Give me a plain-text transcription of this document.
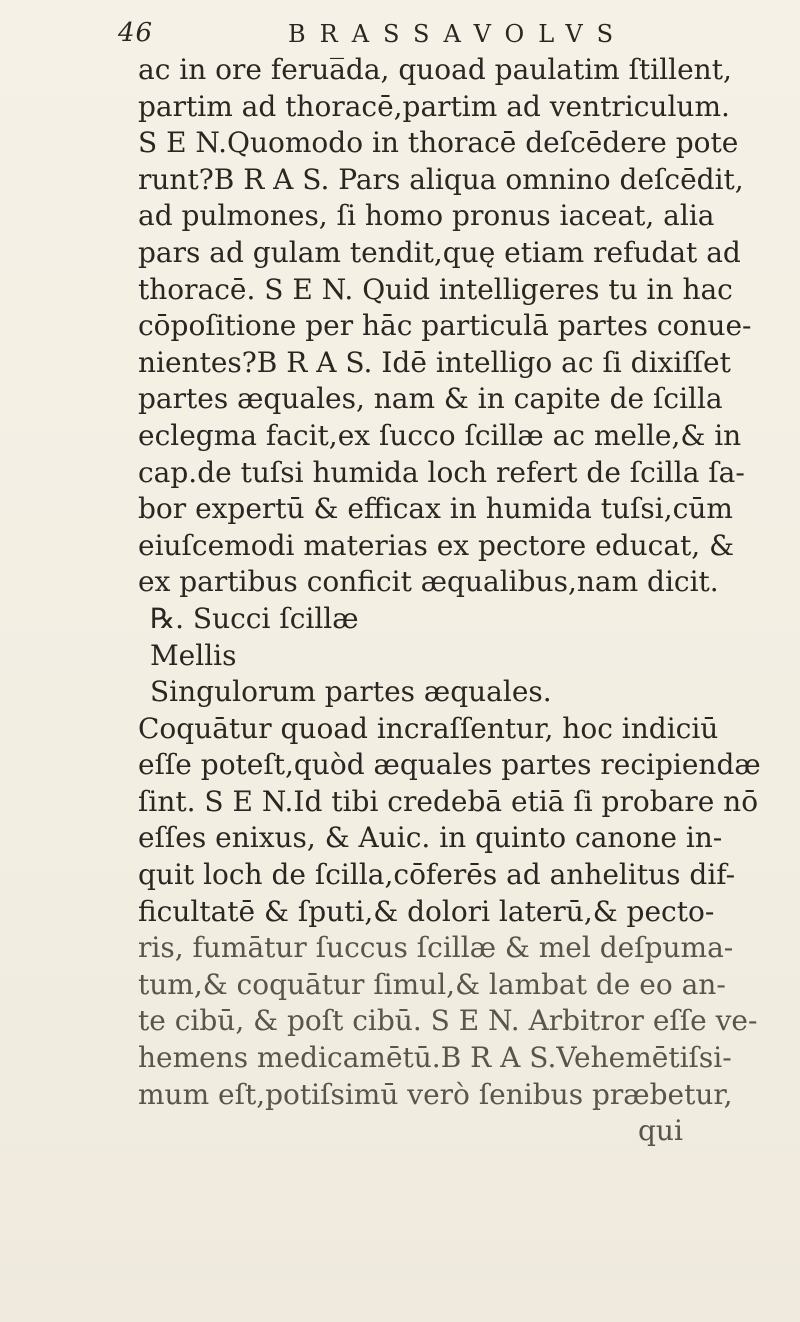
46	BRASSAVOLVS
ac in ore ferua̅da, quoad paulatim ſtillent,
partim ad thoracē,partim ad ventriculum.
S E N.Quomodo in thoracē deſcēdere pote
runt?B R A S. Pars aliqua omnino deſcēdit,
ad pulmones, ſi homo pronus iaceat, alia
pars ad gulam tendit,quę etiam refudat ad
thoracē. S E N. Quid intelligeres tu in hac
cōpoſitione per hāc particulā partes conue-
nientes?B R A S. Idē intelligo ac ſi dixiſſet
partes æquales, nam & in capite de ſcilla
eclegma facit,ex ſucco ſcillæ ac melle,& in
cap.de tuſsi humida loch refert de ſcilla ſa-
bor expertū & efficax in humida tuſsi,cūm
eiuſcemodi materias ex pectore educat, &
ex partibus conficit æqualibus,nam dicit.
℞. Succi ſcillæ
Mellis
Singulorum partes æquales.
Coquātur quoad incraſſentur, hoc indiciū
eſſe poteſt,quòd æquales partes recipiendæ
ſint. S E N.Id tibi credebā etiā ſi probare nō
eſſes enixus, & Auic. in quinto canone in-
quit loch de ſcilla,cōferēs ad anhelitus dif-
ficultatē & ſputi,& dolori laterū,& pecto-
ris, fumātur ſuccus ſcillæ & mel deſpuma-
tum,& coquātur ſimul,& lambat de eo an-
te cibū, & poſt cibū. S E N. Arbitror eſſe ve-
hemens medicamētū.B R A S.Vehemētiſsi-
mum eſt,potiſsimū verò ſenibus præbetur,
qui
